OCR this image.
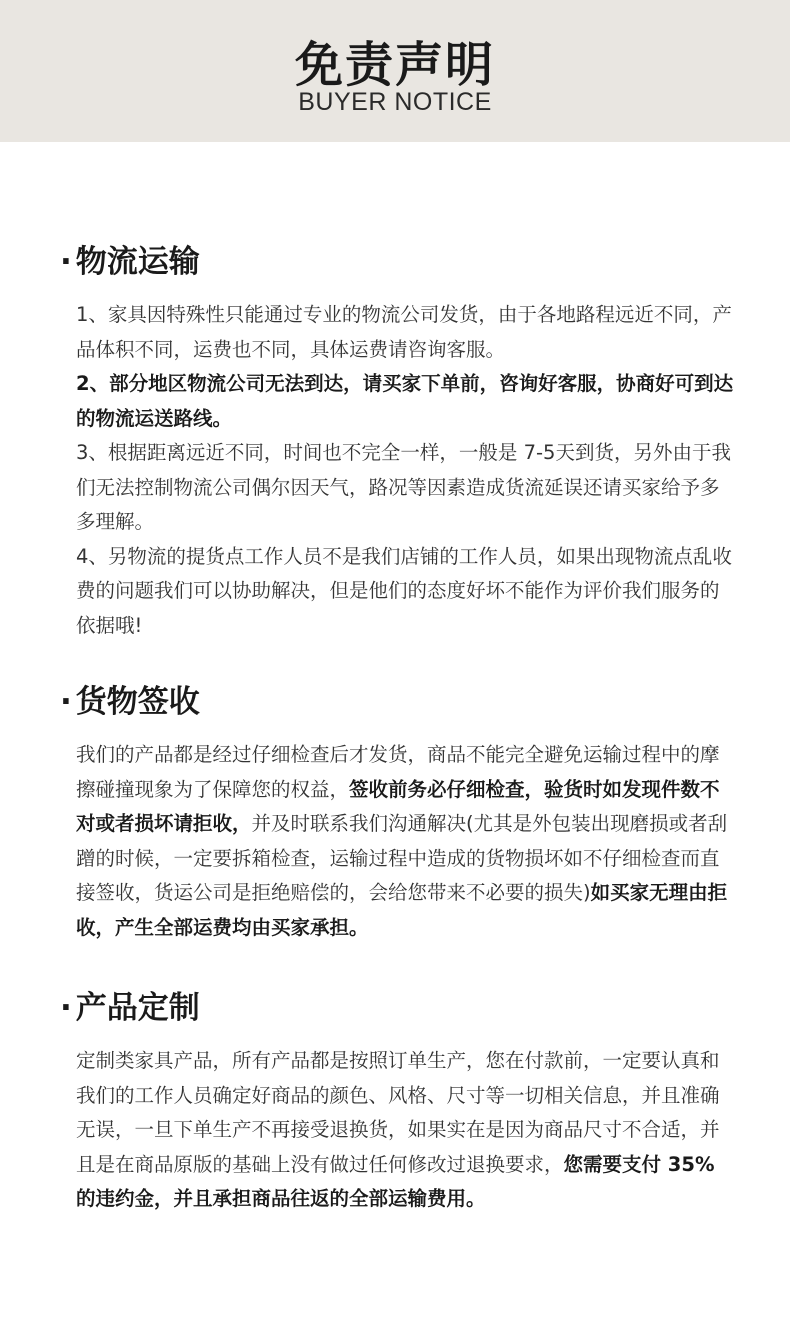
免责声明
BUYER NOTICE
· 物流运输
1、家具因特殊性只能通过专业的物流公司发货，由于各地路程远近不同，产品体积不同，运费也不同，具体运费请咨询客服。
2、部分地区物流公司无法到达，请买家下单前，咨询好客服，协商好可到达的物流运送路线。
3、根据距离远近不同，时间也不完全一样，一般是 7-5天到货，另外由于我们无法控制物流公司偶尔因天气，路况等因素造成货流延误还请买家给予多多理解。
4、另物流的提货点工作人员不是我们店铺的工作人员，如果出现物流点乱收费的问题我们可以协助解决，但是他们的态度好坏不能作为评价我们服务的依据哦!
· 货物签收
我们的产品都是经过仔细检查后才发货，商品不能完全避免运输过程中的摩擦碰撞现象为了保障您的权益，签收前务必仔细检查，验货时如发现件数不对或者损坏请拒收，并及时联系我们沟通解决(尤其是外包装出现磨损或者刮蹭的时候，一定要拆箱检查，运输过程中造成的货物损坏如不仔细检查而直接签收，货运公司是拒绝赔偿的，会给您带来不必要的损失)如买家无理由拒收，产生全部运费均由买家承担。
· 产品定制
定制类家具产品，所有产品都是按照订单生产，您在付款前，一定要认真和我们的工作人员确定好商品的颜色、风格、尺寸等一切相关信息，并且准确无误，一旦下单生产不再接受退换货，如果实在是因为商品尺寸不合适，并且是在商品原版的基础上没有做过任何修改过退换要求，您需要支付 35% 的违约金，并且承担商品往返的全部运输费用。
